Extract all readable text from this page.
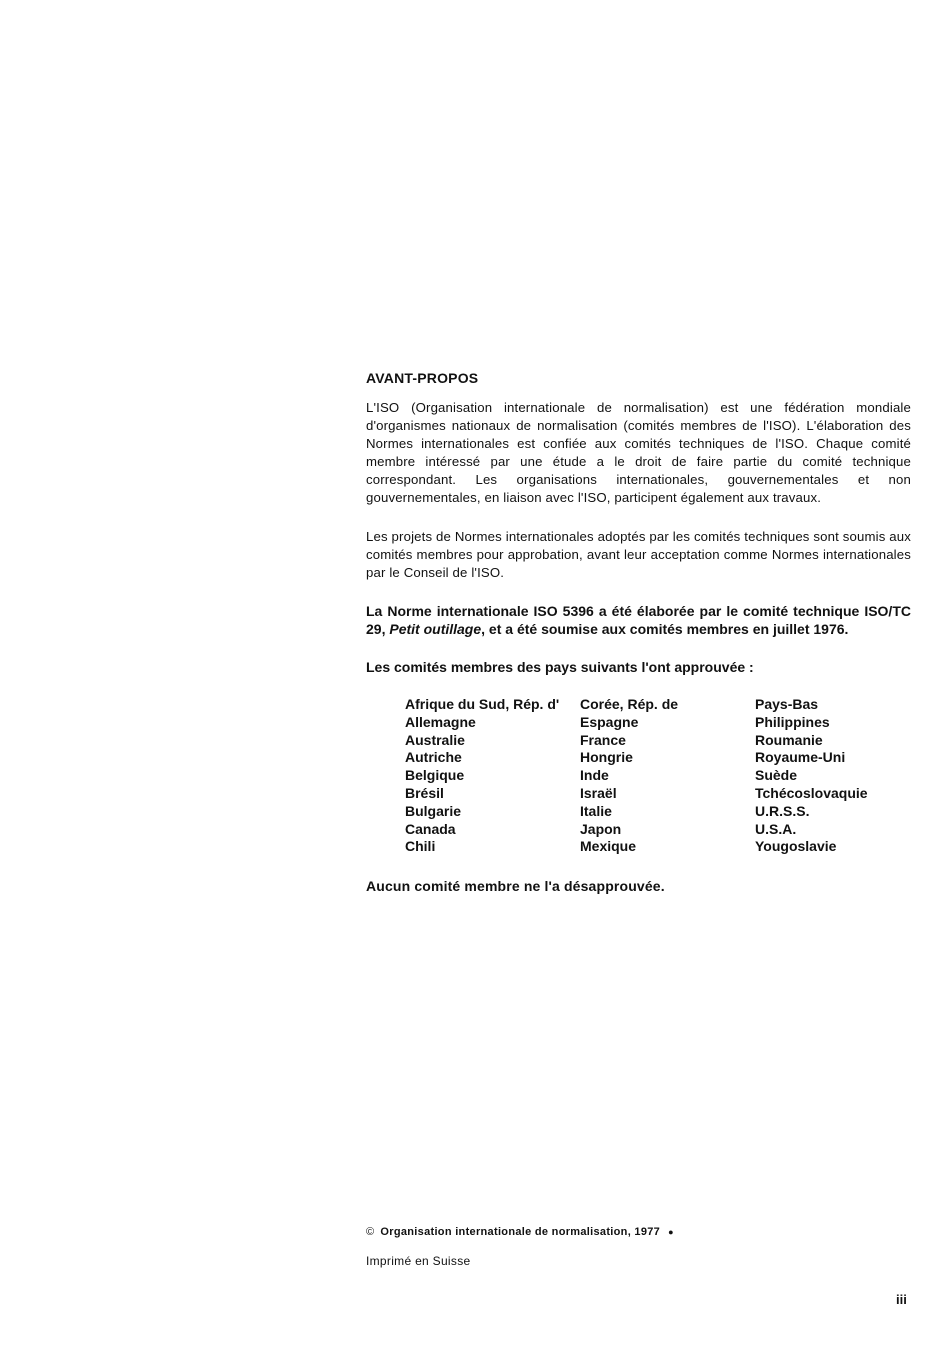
AVANT-PROPOS
L'ISO (Organisation internationale de normalisation) est une fédération mondiale d'organismes nationaux de normalisation (comités membres de l'ISO). L'élaboration des Normes internationales est confiée aux comités techniques de l'ISO. Chaque comité membre intéressé par une étude a le droit de faire partie du comité technique correspondant. Les organisations internationales, gouvernementales et non gouvernementales, en liaison avec l'ISO, participent également aux travaux.
Les projets de Normes internationales adoptés par les comités techniques sont soumis aux comités membres pour approbation, avant leur acceptation comme Normes internationales par le Conseil de l'ISO.
La Norme internationale ISO 5396 a été élaborée par le comité technique ISO/TC 29, Petit outillage, et a été soumise aux comités membres en juillet 1976.
Les comités membres des pays suivants l'ont approuvée :
Afrique du Sud, Rép. d'
Allemagne
Australie
Autriche
Belgique
Brésil
Bulgarie
Canada
Chili
Corée, Rép. de
Espagne
France
Hongrie
Inde
Israël
Italie
Japon
Mexique
Pays-Bas
Philippines
Roumanie
Royaume-Uni
Suède
Tchécoslovaquie
U.R.S.S.
U.S.A.
Yougoslavie
Aucun comité membre ne l'a désapprouvée.
© Organisation internationale de normalisation, 1977 ●
Imprimé en Suisse
iii
